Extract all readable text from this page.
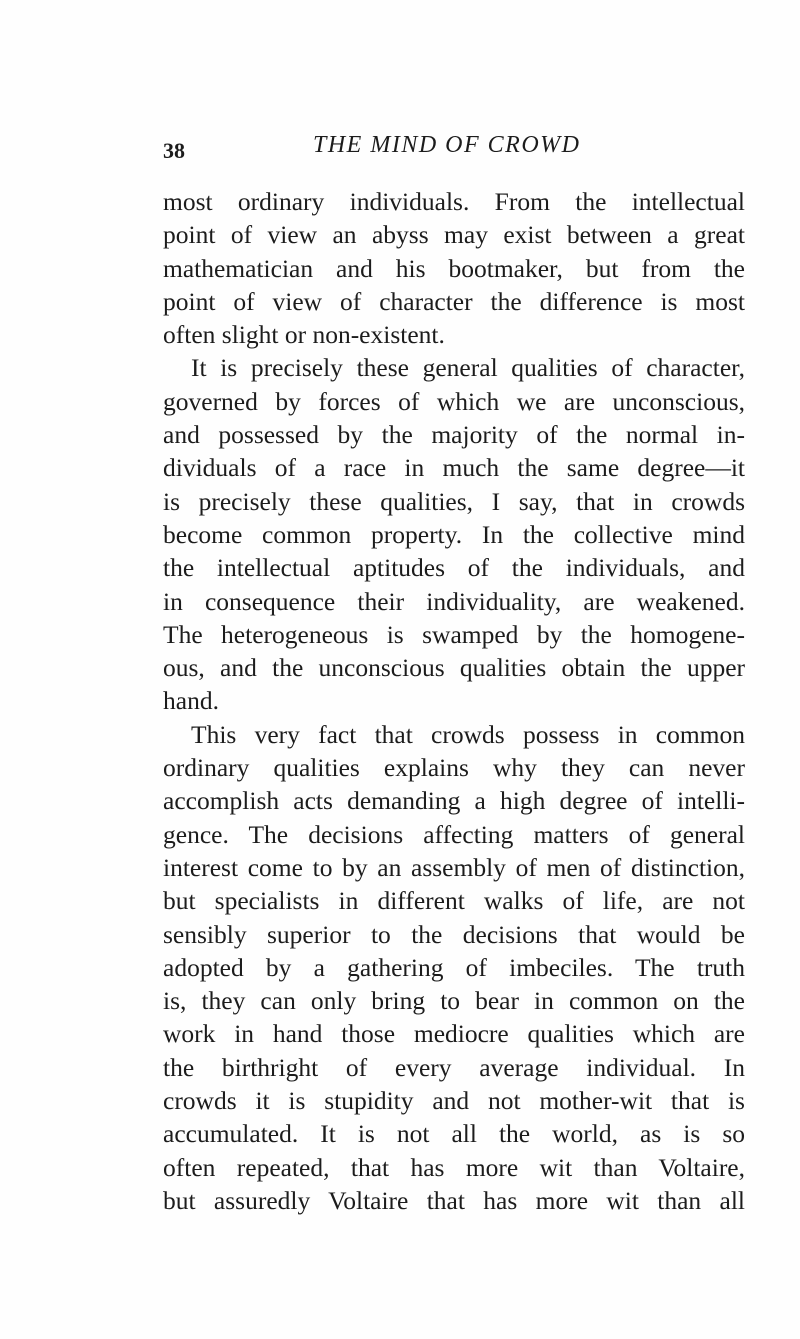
38	THE MIND OF CROWD
most ordinary individuals. From the intellectual
point of view an abyss may exist between a great
mathematician and his bootmaker, but from the
point of view of character the difference is most
often slight or non-existent.
It is precisely these general qualities of character,
governed by forces of which we are unconscious,
and possessed by the majority of the normal in-
dividuals of a race in much the same degree—it
is precisely these qualities, I say, that in crowds
become common property. In the collective mind
the intellectual aptitudes of the individuals, and
in consequence their individuality, are weakened.
The heterogeneous is swamped by the homogene-
ous, and the unconscious qualities obtain the upper
hand.
This very fact that crowds possess in common
ordinary qualities explains why they can never
accomplish acts demanding a high degree of intelli-
gence. The decisions affecting matters of general
interest come to by an assembly of men of distinction,
but specialists in different walks of life, are not
sensibly superior to the decisions that would be
adopted by a gathering of imbeciles. The truth
is, they can only bring to bear in common on the
work in hand those mediocre qualities which are
the birthright of every average individual. In
crowds it is stupidity and not mother-wit that is
accumulated. It is not all the world, as is so
often repeated, that has more wit than Voltaire,
but assuredly Voltaire that has more wit than all
